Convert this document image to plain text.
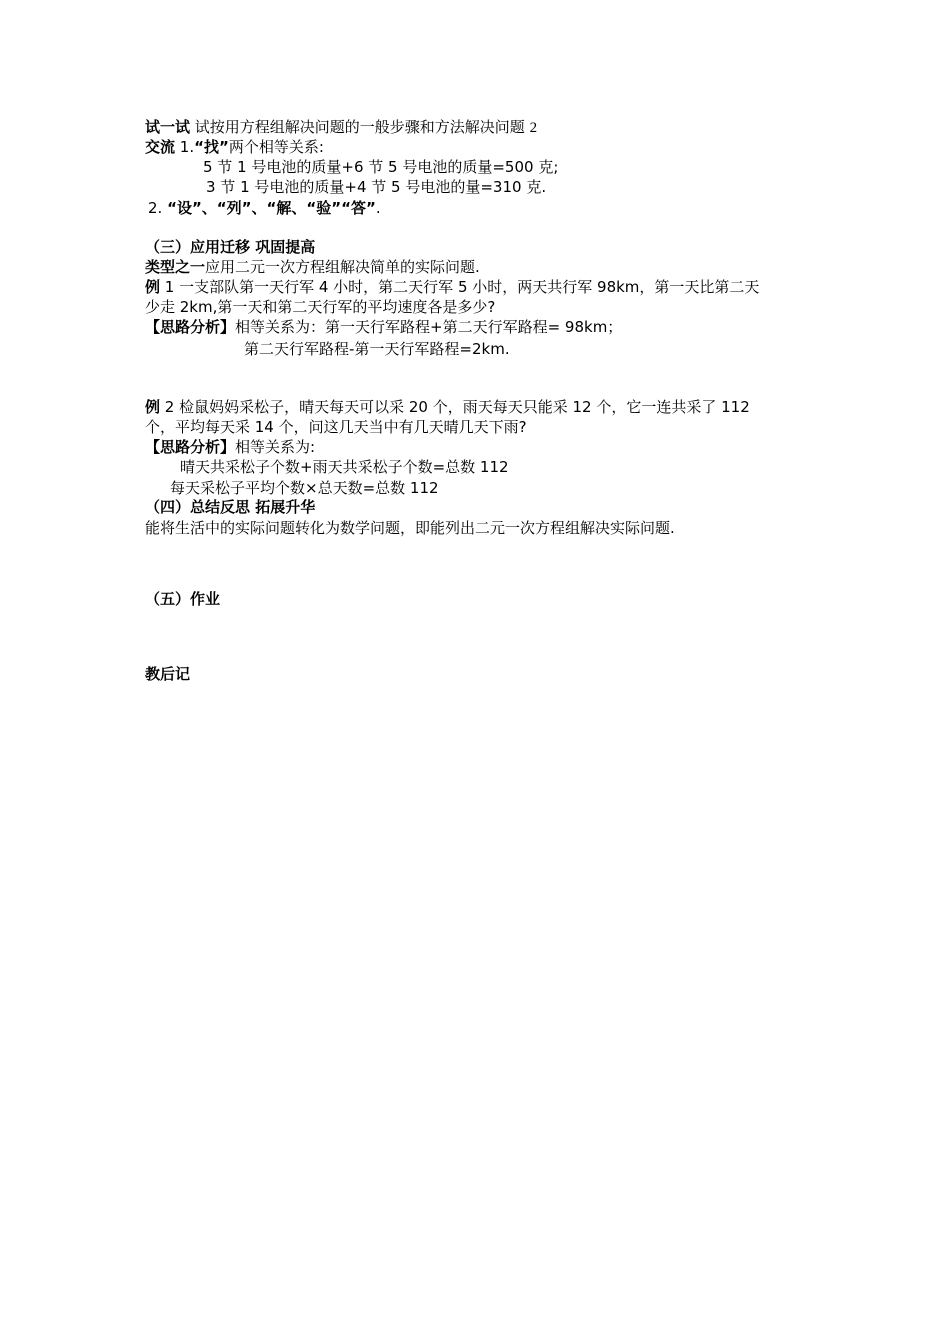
试一试 试按用方程组解决问题的一般步骤和方法解决问题 2
交流 1.“找”两个相等关系:
5 节 1 号电池的质量+6 节 5 号电池的质量=500 克;
3 节 1 号电池的质量+4 节 5 号电池的量=310 克.
2. “设”、“列”、“解、“验”“答”.
（三）应用迁移 巩固提高
类型之一应用二元一次方程组解决简单的实际问题.
例 1 一支部队第一天行军 4 小时，第二天行军 5 小时，两天共行军 98km，第一天比第二天
少走 2km,第一天和第二天行军的平均速度各是多少?
【思路分析】相等关系为：第一天行军路程+第二天行军路程= 98km；
第二天行军路程-第一天行军路程=2km.
例 2 检鼠妈妈采松子，晴天每天可以采 20 个，雨天每天只能采 12 个，它一连共采了 112
个，平均每天采 14 个，问这几天当中有几天晴几天下雨?
【思路分析】相等关系为:
晴天共采松子个数+雨天共采松子个数=总数 112
每天采松子平均个数×总天数=总数 112
（四）总结反思 拓展升华
能将生活中的实际问题转化为数学问题，即能列出二元一次方程组解决实际问题.
（五）作业
教后记
